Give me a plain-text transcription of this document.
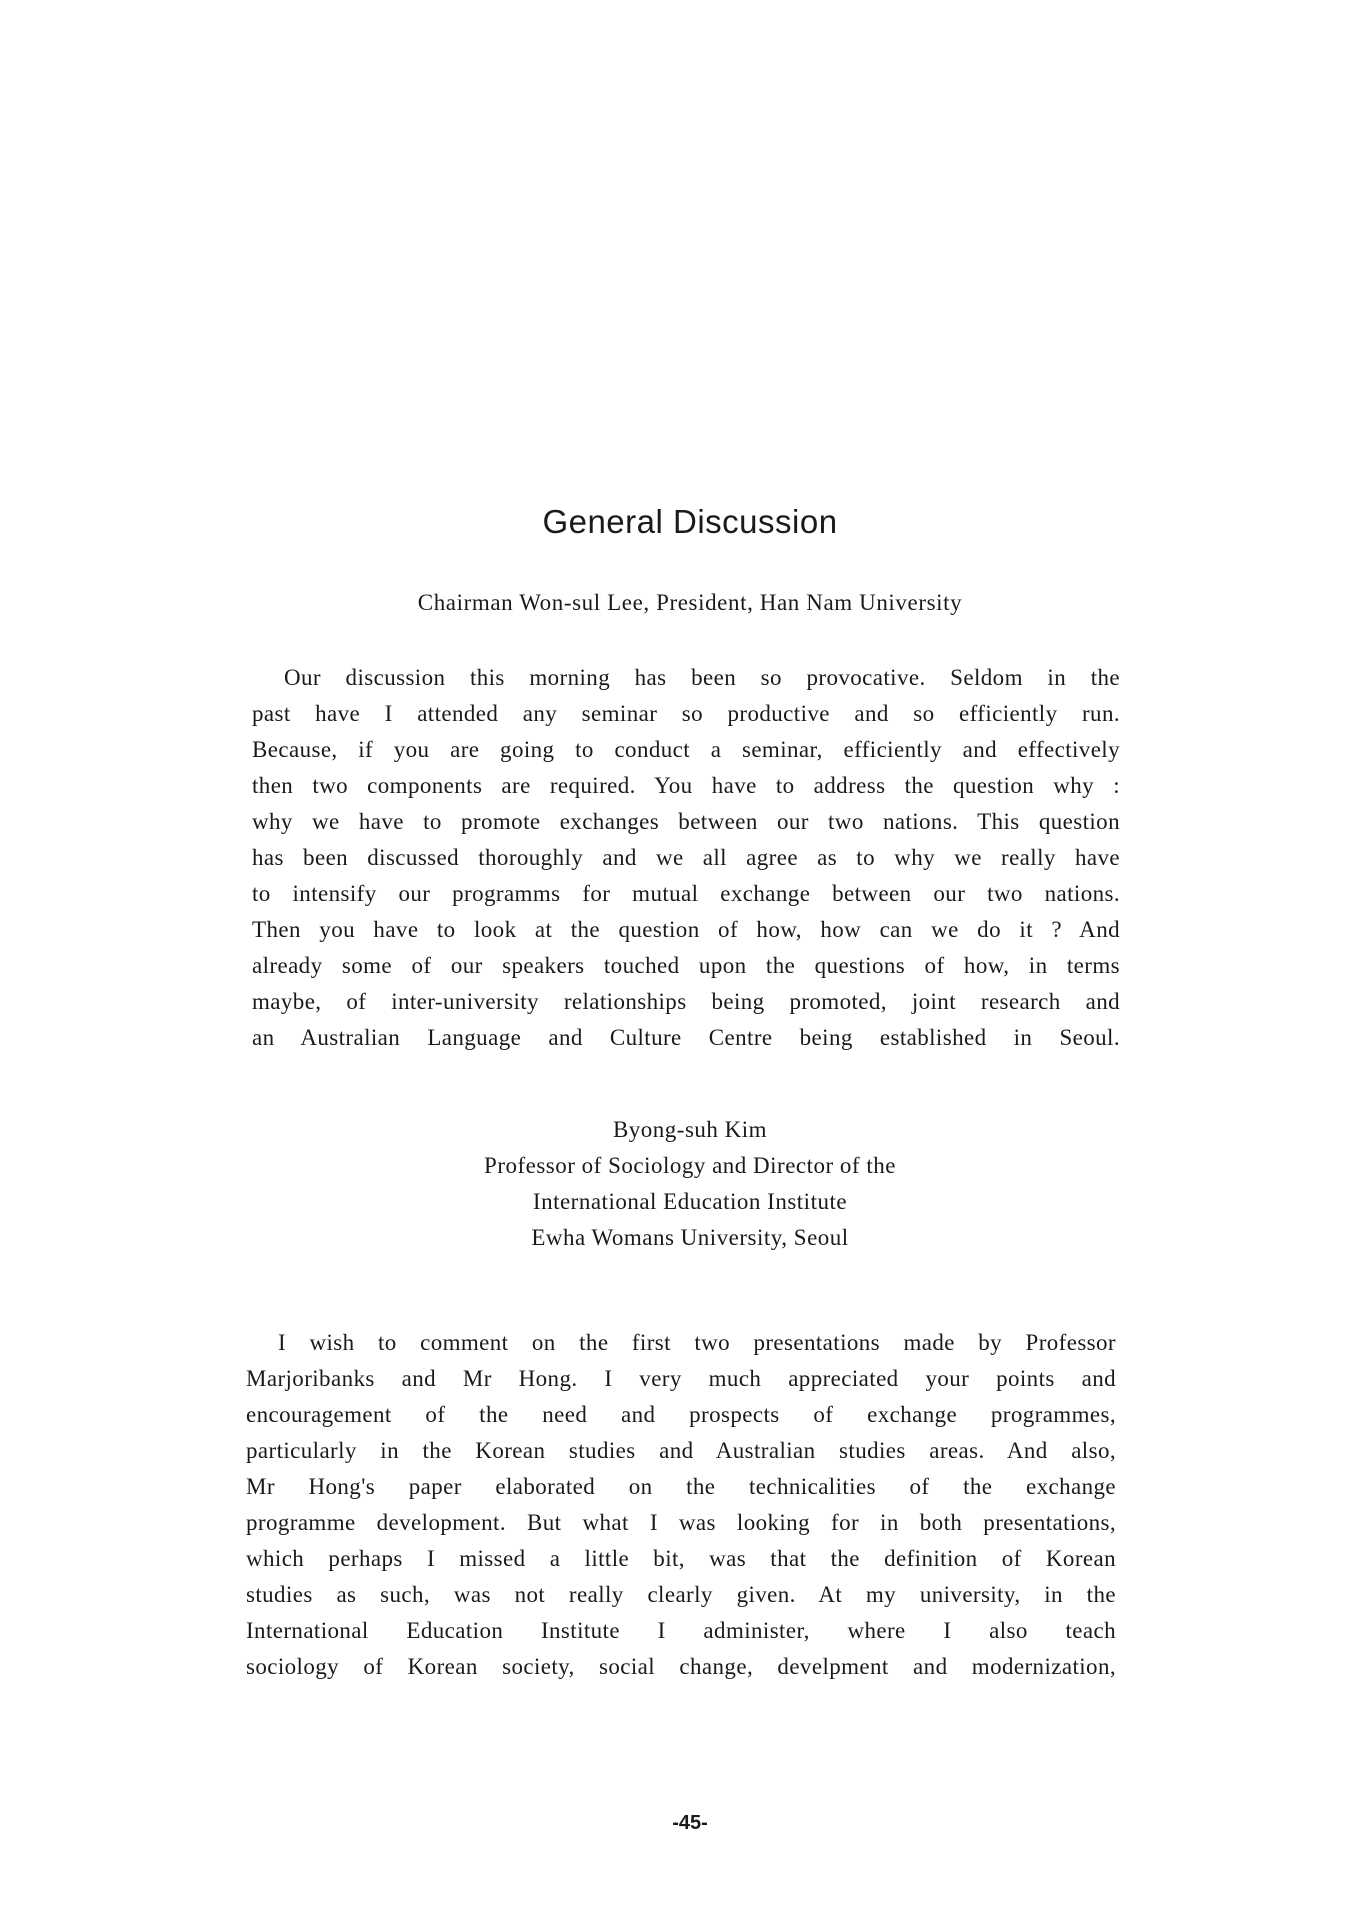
General Discussion
Chairman Won-sul Lee, President, Han Nam University
Our discussion this morning has been so provocative. Seldom in the
past have I attended any seminar so productive and so efficiently run.
Because, if you are going to conduct a seminar, efficiently and effectively
then two components are required. You have to address the question why :
why we have to promote exchanges between our two nations. This question
has been discussed thoroughly and we all agree as to why we really have
to intensify our programms for mutual exchange between our two nations.
Then you have to look at the question of how, how can we do it ? And
already some of our speakers touched upon the questions of how, in terms
maybe, of inter-university relationships being promoted, joint research and
an Australian Language and Culture Centre being established in Seoul.
Byong-suh Kim
Professor of Sociology and Director of the
International Education Institute
Ewha Womans University, Seoul
I wish to comment on the first two presentations made by Professor
Marjoribanks and Mr Hong. I very much appreciated your points and
encouragement of the need and prospects of exchange programmes,
particularly in the Korean studies and Australian studies areas. And also,
Mr Hong's paper elaborated on the technicalities of the exchange
programme development. But what I was looking for in both presentations,
which perhaps I missed a little bit, was that the definition of Korean
studies as such, was not really clearly given. At my university, in the
International Education Institute I administer, where I also teach
sociology of Korean society, social change, develpment and modernization,
-45-
